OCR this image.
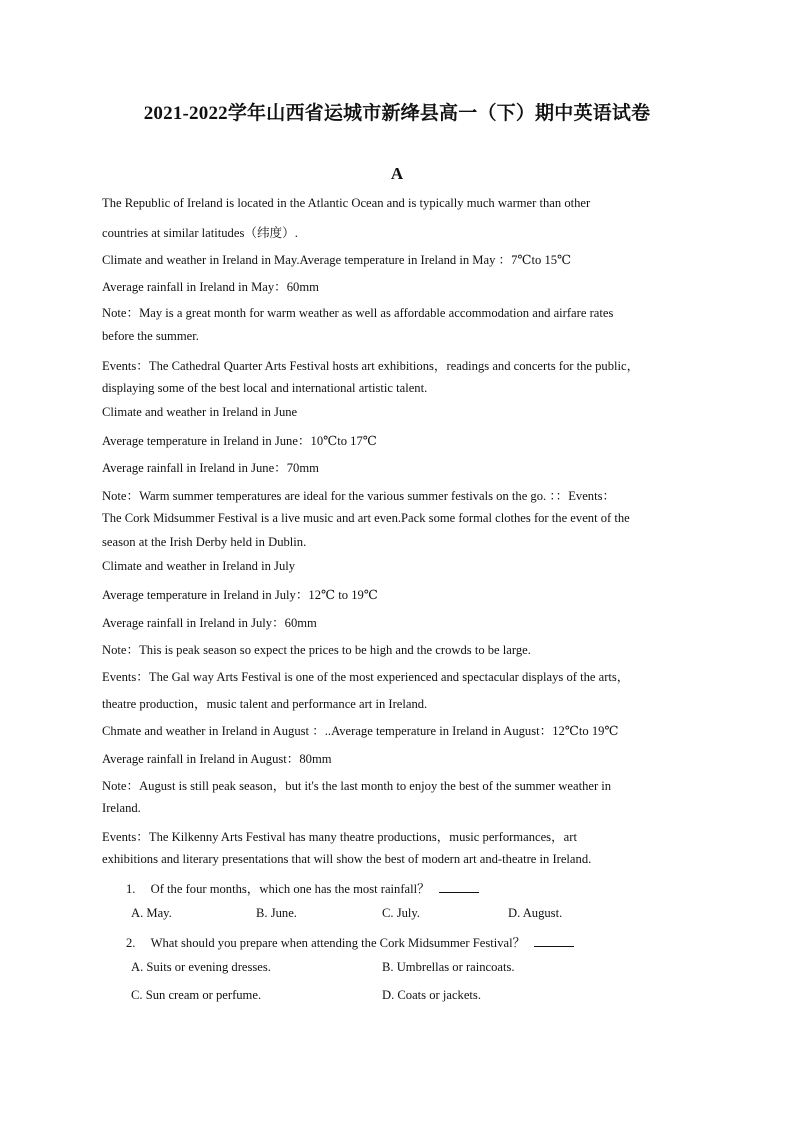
2021-2022学年山西省运城市新绛县高一（下）期中英语试卷
A
The Republic of Ireland is located in the Atlantic Ocean and is typically much warmer than other
countries at similar latitudes（纬度）.
Climate and weather in Ireland in May.Average temperature in Ireland in May ：7℃to 15℃
Average rainfall in Ireland in May：60mm
Note：May is a great month for warm weather as well as affordable accommodation and airfare rates
before the summer.
Events：The Cathedral Quarter Arts Festival hosts art exhibitions，readings and concerts for the public，
displaying some of the best local and international artistic talent.
Climate and weather in Ireland in June
Average temperature in Ireland in June：10℃to 17℃
Average rainfall in Ireland in June：70mm
Note：Warm summer temperatures are ideal for the various summer festivals on the go. ：：Events：
The Cork Midsummer Festival is a live music and art even.Pack some formal clothes for the event of the
season at the Irish Derby held in Dublin.
Climate and weather in Ireland in July
Average temperature in Ireland in July：12℃ to 19℃
Average rainfall in Ireland in July：60mm
Note：This is peak season so expect the prices to be high and the crowds to be large.
Events：The Gal way Arts Festival is one of the most experienced and spectacular displays of the arts，
theatre production，music talent and performance art in Ireland.
Chmate and weather in Ireland in August ：..Average temperature in Ireland in August：12℃to 19℃
Average rainfall in Ireland in August：80mm
Note：August is still peak season，but it's the last month to enjoy the best of the summer weather in
Ireland.
Events：The Kilkenny Arts Festival has many theatre productions，music performances，art
exhibitions and literary presentations that will show the best of modern art and-theatre in Ireland.
1. Of the four months，which one has the most rainfall？
A. May.	B. June.	C. July.	D. August.
2. What should you prepare when attending the Cork Midsummer Festival？
A. Suits or evening dresses.	B. Umbrellas or raincoats.
C. Sun cream or perfume.	D. Coats or jackets.
